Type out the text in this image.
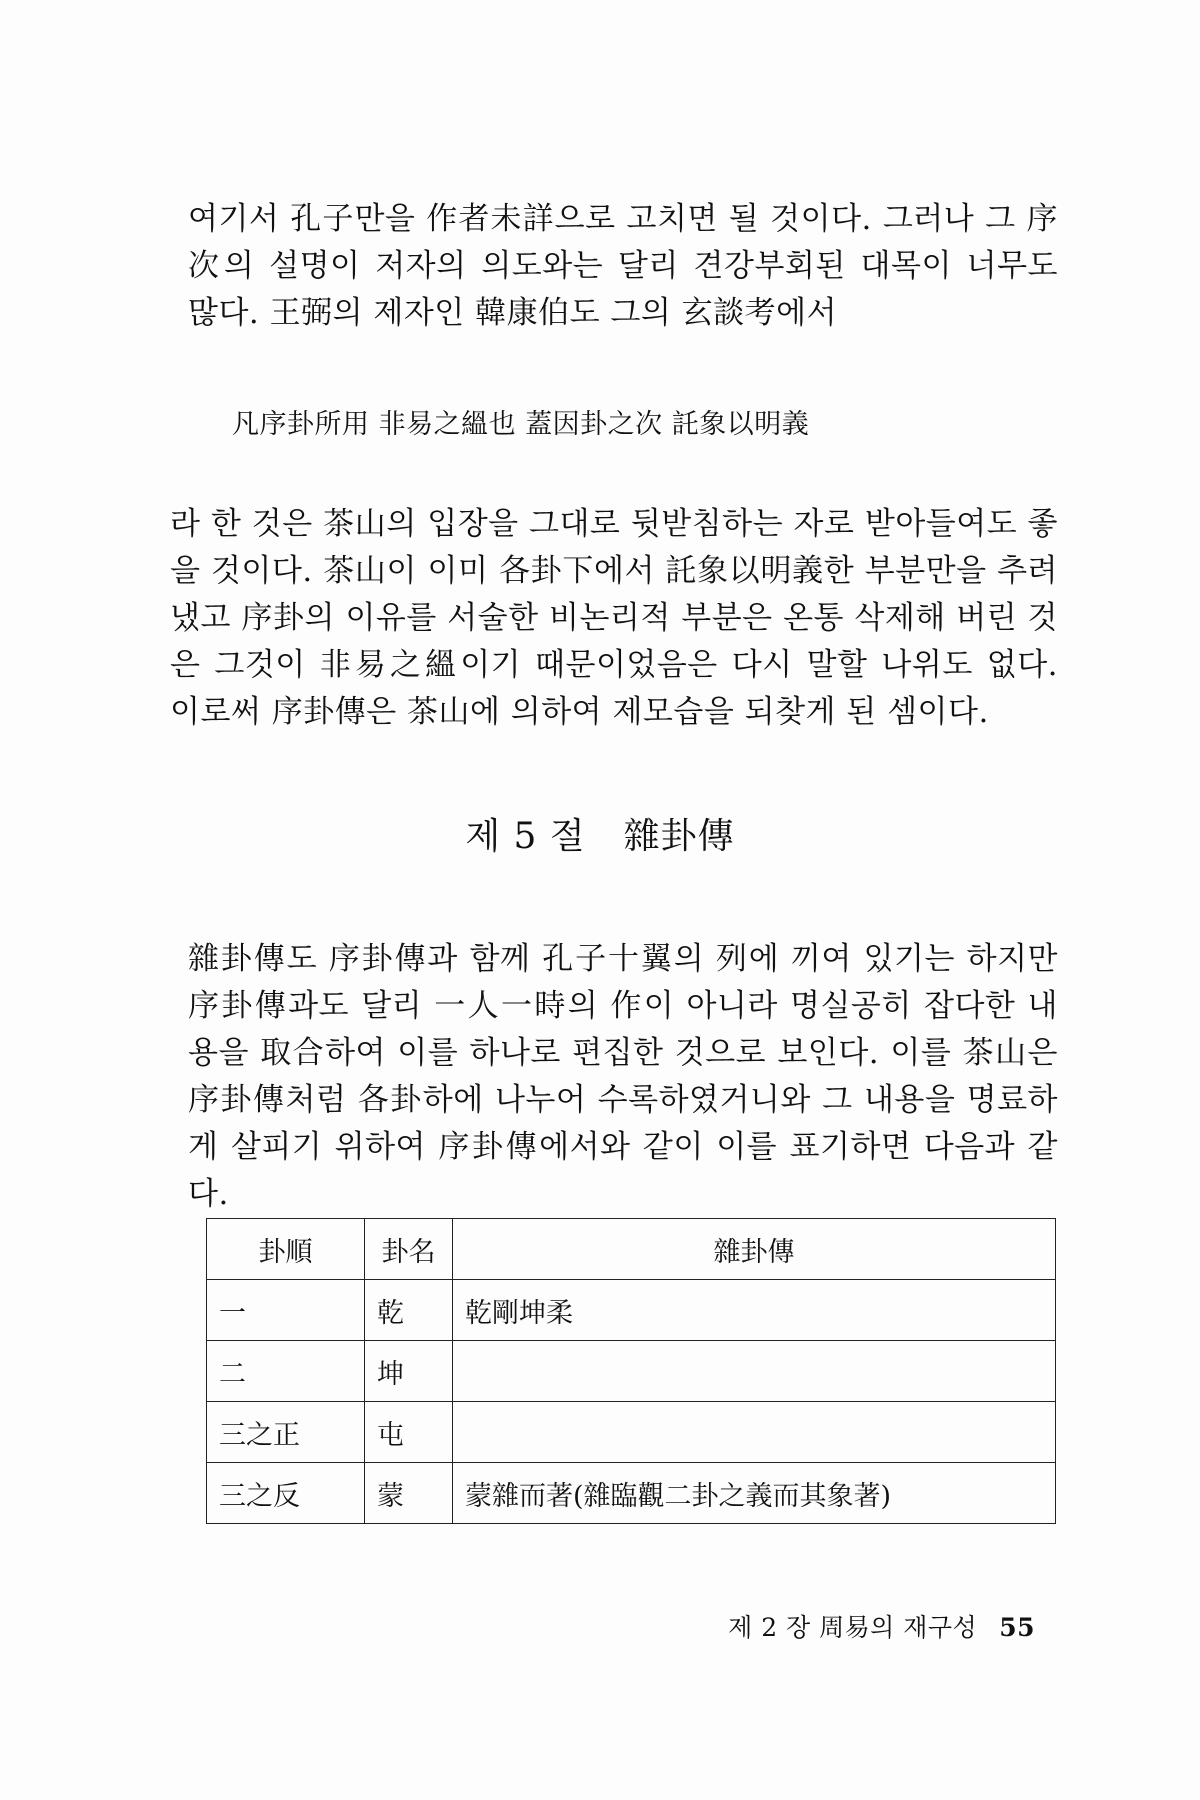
여기서 孔子만을 作者未詳으로 고치면 될 것이다. 그러나 그 序次의 설명이 저자의 의도와는 달리 견강부회된 대목이 너무도 많다. 王弼의 제자인 韓康伯도 그의 玄談考에서

凡序卦所用 非易之縕也 蓋因卦之次 託象以明義

라 한 것은 茶山의 입장을 그대로 뒷받침하는 자로 받아들여도 좋을 것이다. 茶山이 이미 各卦下에서 託象以明義한 부분만을 추려냈고 序卦의 이유를 서술한 비논리적 부분은 온통 삭제해 버린 것은 그것이 非易之縕이기 때문이었음은 다시 말할 나위도 없다. 이로써 序卦傳은 茶山에 의하여 제모습을 되찾게 된 셈이다.

제 5 절 雜卦傳

雜卦傳도 序卦傳과 함께 孔子十翼의 列에 끼여 있기는 하지만 序卦傳과도 달리 一人一時의 作이 아니라 명실공히 잡다한 내용을 取合하여 이를 하나로 편집한 것으로 보인다. 이를 茶山은 序卦傳처럼 各卦하에 나누어 수록하였거니와 그 내용을 명료하게 살피기 위하여 序卦傳에서와 같이 이를 표기하면 다음과 같다.

卦順	卦名	雜卦傳
一	乾	乾剛坤柔
二	坤	
三之正	屯	
三之反	蒙	蒙雜而著(雜臨觀二卦之義而其象著)
제 2 장 周易의 재구성 55
